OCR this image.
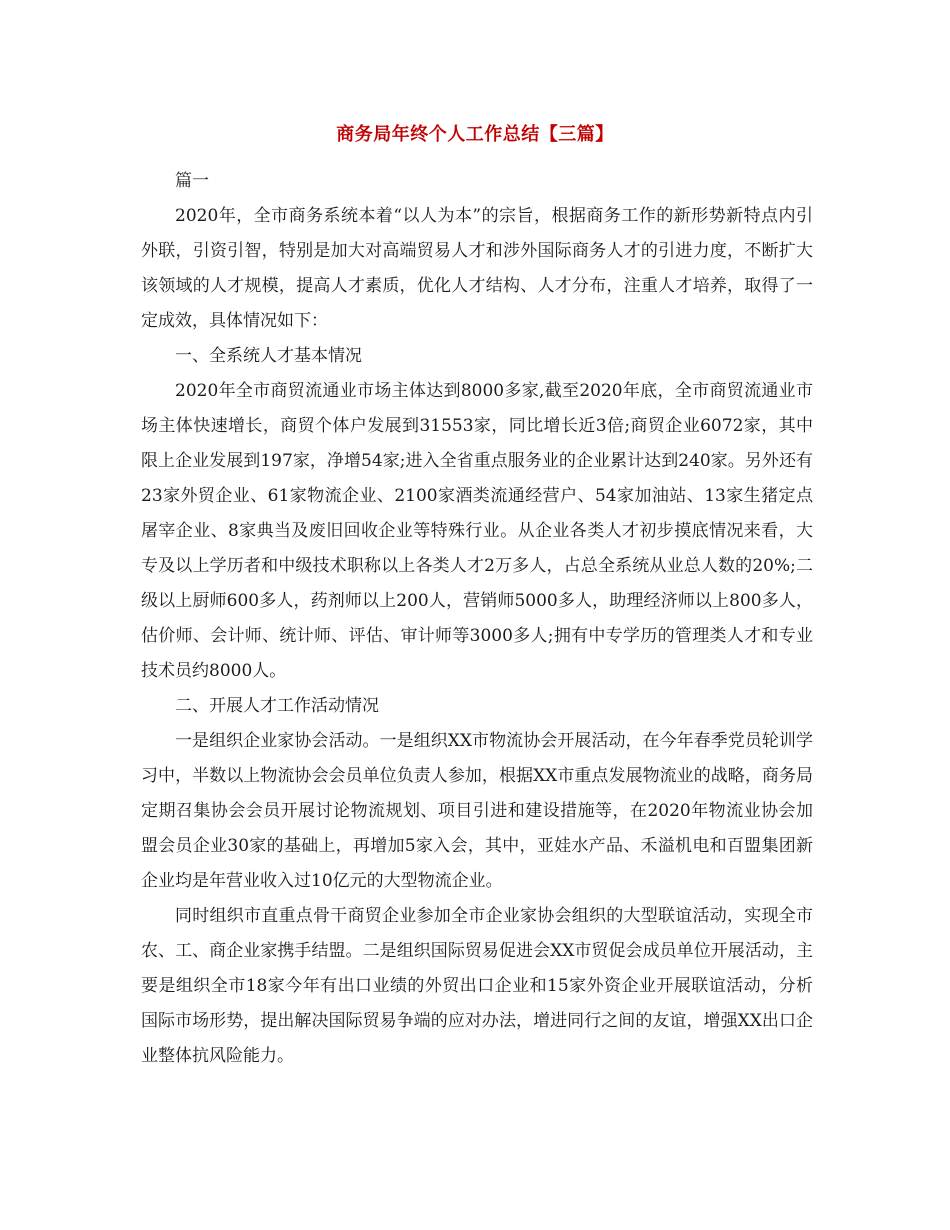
商务局年终个人工作总结【三篇】

篇一

2020年，全市商务系统本着“以人为本”的宗旨，根据商务工作的新形势新特点内引外联，引资引智，特别是加大对高端贸易人才和涉外国际商务人才的引进力度，不断扩大该领域的人才规模，提高人才素质，优化人才结构、人才分布，注重人才培养，取得了一定成效，具体情况如下：

一、全系统人才基本情况

2020年全市商贸流通业市场主体达到8000多家,截至2020年底，全市商贸流通业市场主体快速增长，商贸个体户发展到31553家，同比增长近3倍;商贸企业6072家，其中限上企业发展到197家，净增54家;进入全省重点服务业的企业累计达到240家。另外还有23家外贸企业、61家物流企业、2100家酒类流通经营户、54家加油站、13家生猪定点屠宰企业、8家典当及废旧回收企业等特殊行业。从企业各类人才初步摸底情况来看，大专及以上学历者和中级技术职称以上各类人才2万多人，占总全系统从业总人数的20%;二级以上厨师600多人，药剂师以上200人，营销师5000多人，助理经济师以上800多人，估价师、会计师、统计师、评估、审计师等3000多人;拥有中专学历的管理类人才和专业技术员约8000人。

二、开展人才工作活动情况

一是组织企业家协会活动。一是组织XX市物流协会开展活动，在今年春季党员轮训学习中，半数以上物流协会会员单位负责人参加，根据XX市重点发展物流业的战略，商务局定期召集协会会员开展讨论物流规划、项目引进和建设措施等，在2020年物流业协会加盟会员企业30家的基础上，再增加5家入会，其中，亚娃水产品、禾溢机电和百盟集团新企业均是年营业收入过10亿元的大型物流企业。

同时组织市直重点骨干商贸企业参加全市企业家协会组织的大型联谊活动，实现全市农、工、商企业家携手结盟。二是组织国际贸易促进会XX市贸促会成员单位开展活动，主要是组织全市18家今年有出口业绩的外贸出口企业和15家外资企业开展联谊活动，分析国际市场形势，提出解决国际贸易争端的应对办法，增进同行之间的友谊，增强XX出口企业整体抗风险能力。
